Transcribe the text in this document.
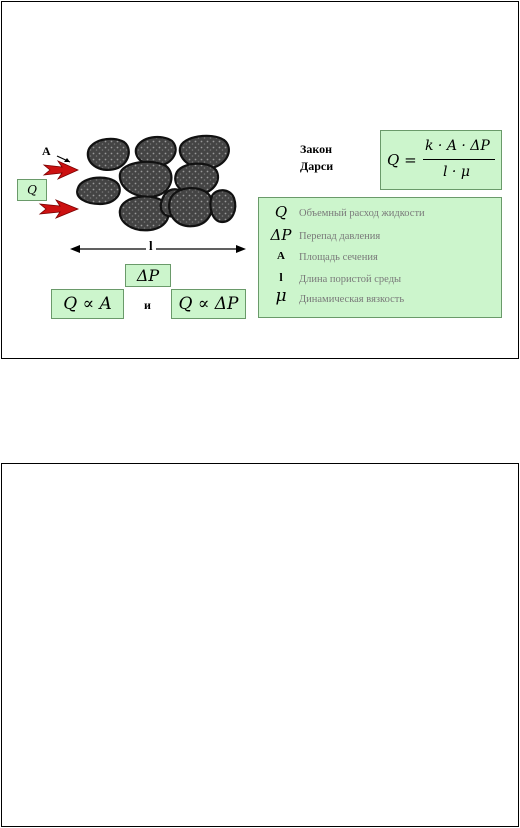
A
Q
l
ΔP
Q ∝ A	и	Q ∝ ΔP
Закон
Дарси	Q =
k · A · ΔP
l · μ
Q	Объемный расход жидкости
ΔP Перепад давления
A	Площадь сечения
l	Длина пористой среды
μ	Динамическая вязкость
